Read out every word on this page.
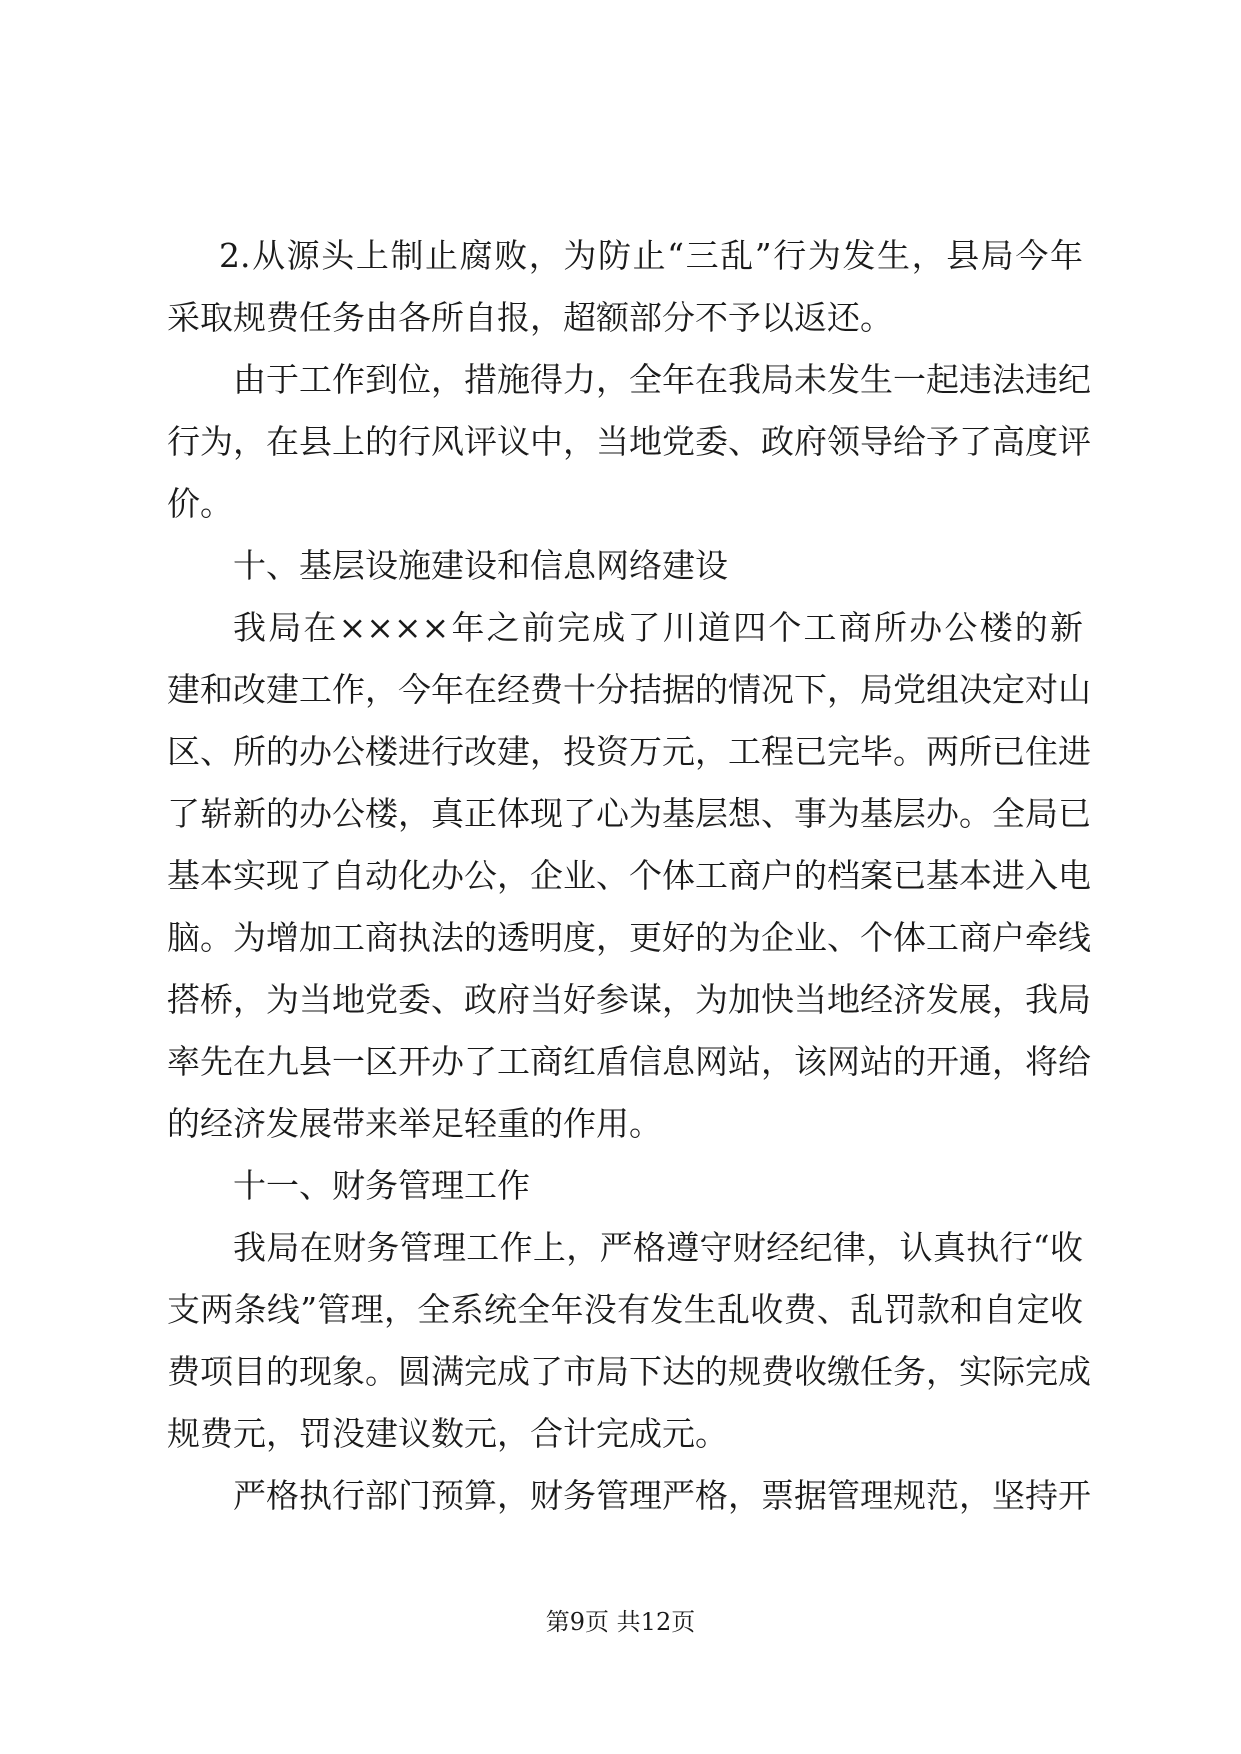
2.从源头上制止腐败，为防止“三乱”行为发生，县局今年
采取规费任务由各所自报，超额部分不予以返还。
由于工作到位，措施得力，全年在我局未发生一起违法违纪
行为，在县上的行风评议中，当地党委、政府领导给予了高度评
价。
十、基层设施建设和信息网络建设
我局在××××年之前完成了川道四个工商所办公楼的新
建和改建工作，今年在经费十分拮据的情况下，局党组决定对山
区、所的办公楼进行改建，投资万元，工程已完毕。两所已住进
了崭新的办公楼，真正体现了心为基层想、事为基层办。全局已
基本实现了自动化办公，企业、个体工商户的档案已基本进入电
脑。为增加工商执法的透明度，更好的为企业、个体工商户牵线
搭桥，为当地党委、政府当好参谋，为加快当地经济发展，我局
率先在九县一区开办了工商红盾信息网站，该网站的开通，将给
的经济发展带来举足轻重的作用。
十一、财务管理工作
我局在财务管理工作上，严格遵守财经纪律，认真执行“收
支两条线”管理，全系统全年没有发生乱收费、乱罚款和自定收
费项目的现象。圆满完成了市局下达的规费收缴任务，实际完成
规费元，罚没建议数元，合计完成元。
严格执行部门预算，财务管理严格，票据管理规范，坚持开
第9页 共12页
